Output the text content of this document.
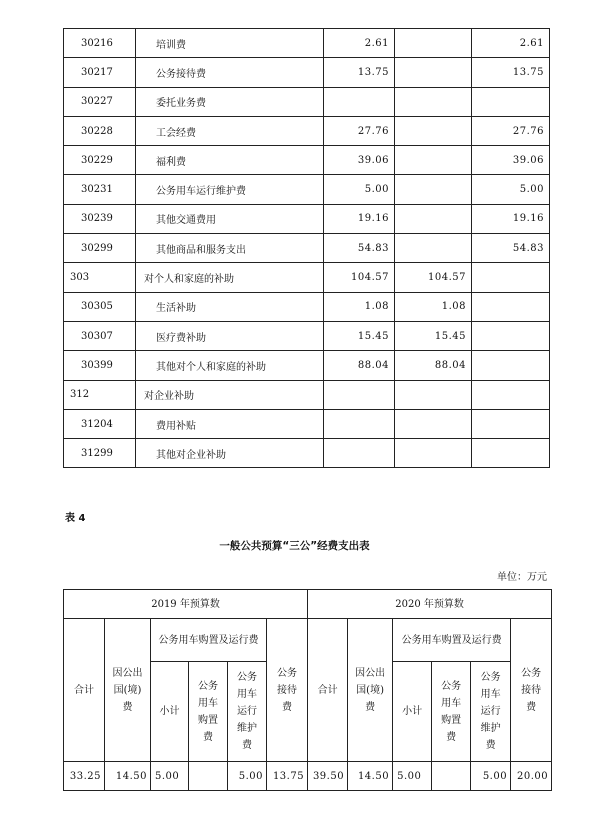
30216	培训费	2.61		2.61
30217	公务接待费	13.75		13.75
30227	委托业务费			
30228	工会经费	27.76		27.76
30229	福利费	39.06		39.06
30231	公务用车运行维护费	5.00		5.00
30239	其他交通费用	19.16		19.16
30299	其他商品和服务支出	54.83		54.83
303	对个人和家庭的补助	104.57	104.57	
30305	生活补助	1.08	1.08	
30307	医疗费补助	15.45	15.45	
30399	其他对个人和家庭的补助	88.04	88.04	
312	对企业补助			
31204	费用补贴			
31299	其他对企业补助			
表 4
一般公共预算“三公”经费支出表
单位：万元
2019 年预算数						2020 年预算数					
合计	因公出国(境)费	公务用车购置及运行费			公务接待费	合计	因公出国(境)费	公务用车购置及运行费			公务接待费
		小计	公务用车购置费	公务用车运行维护费				小计	公务用车购置费	公务用车运行维护费	

33.25	14.50	5.00		5.00	13.75	39.50	14.50	5.00		5.00	20.00
